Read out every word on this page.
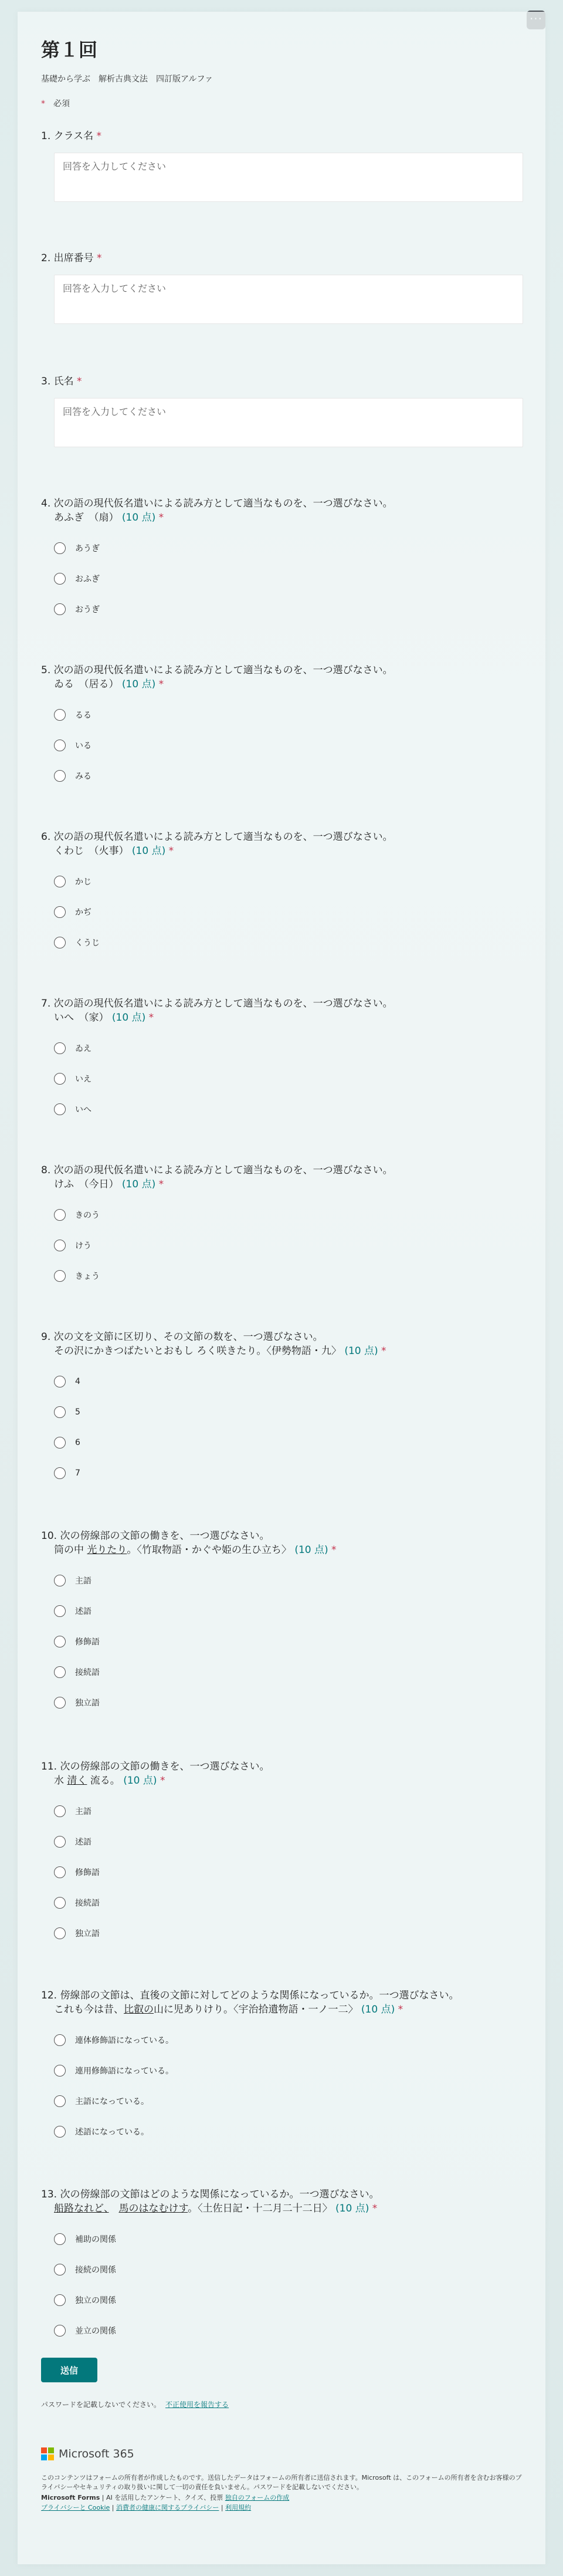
第１回
基礎から学ぶ　解析古典文法　四訂版アルファ
*　 必須
1. クラス名 *
回答を入力してください
2. 出席番号 *
回答を入力してください
3. 氏名 *
回答を入力してください
4. 次の語の現代仮名遣いによる読み方として適当なものを、一つ選びなさい。
あふぎ　（扇） (10 点) *
あうぎ
おふぎ
おうぎ
5. 次の語の現代仮名遣いによる読み方として適当なものを、一つ選びなさい。
ゐる　（居る） (10 点) *
るる
いる
みる
6. 次の語の現代仮名遣いによる読み方として適当なものを、一つ選びなさい。
くわじ　（火事） (10 点) *
かじ
かぢ
くうじ
7. 次の語の現代仮名遣いによる読み方として適当なものを、一つ選びなさい。
いへ　（家） (10 点) *
ゐえ
いえ
いへ
8. 次の語の現代仮名遣いによる読み方として適当なものを、一つ選びなさい。
けふ　（今日） (10 点) *
きのう
けう
きょう
9. 次の文を文節に区切り、その文節の数を、一つ選びなさい。
その沢にかきつばたいとおもし ろく咲きたり。〈伊勢物語・九〉 (10 点) *
4
5
6
7
10. 次の傍線部の文節の働きを、一つ選びなさい。
筒の中 光りたり。〈竹取物語・かぐや姫の生ひ立ち〉 (10 点) *
主語
述語
修飾語
接続語
独立語
11. 次の傍線部の文節の働きを、一つ選びなさい。
水 清く 流る。 (10 点) *
主語
述語
修飾語
接続語
独立語
12. 傍線部の文節は、直後の文節に対してどのような関係になっているか。一つ選びなさい。
これも今は昔、比叡の山に児ありけり。〈宇治拾遺物語・一ノ一二〉 (10 点) *
連体修飾語になっている。
連用修飾語になっている。
主語になっている。
述語になっている。
13. 次の傍線部の文節はどのような関係になっているか。一つ選びなさい。
船路なれど、　 馬のはなむけす。〈土佐日記・十二月二十二日〉 (10 点) *
補助の関係
接続の関係
独立の関係
並立の関係
送信
パスワードを記載しないでください。 不正使用を報告する
Microsoft 365
このコンテンツはフォームの所有者が作成したものです。送信したデータはフォームの所有者に送信されます。Microsoft は、このフォームの所有者を含むお客様のプライバシーやセキュリティの取り扱いに関して一切の責任を負いません。パスワードを記載しないでください。
Microsoft Forms | AI を活用したアンケート、クイズ、投票 独自のフォームの作成
プライバシーと Cookie | 消費者の健康に関するプライバシー | 利用規約
